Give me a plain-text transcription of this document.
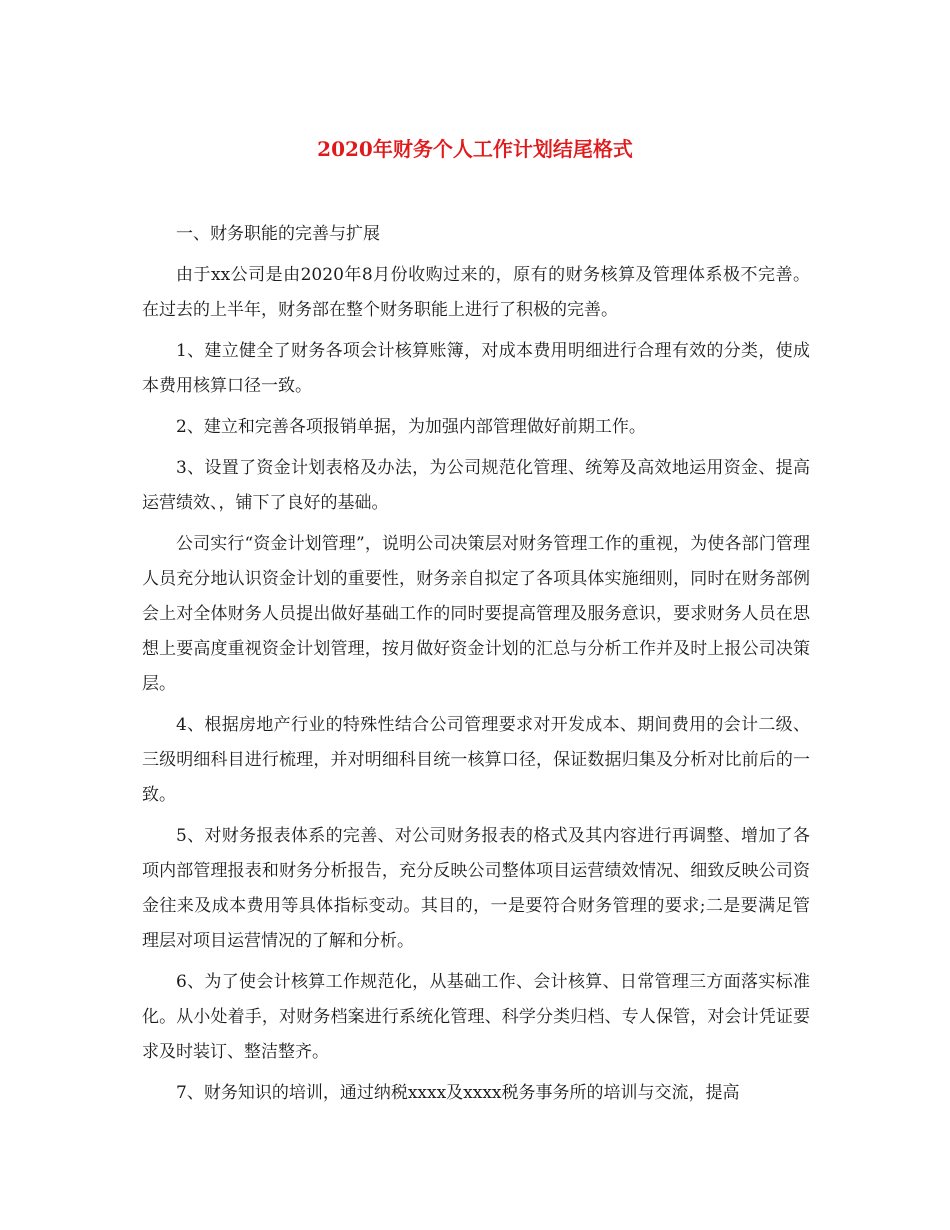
2020年财务个人工作计划结尾格式

一、财务职能的完善与扩展

由于xx公司是由2020年8月份收购过来的，原有的财务核算及管理体系极不完善。在过去的上半年，财务部在整个财务职能上进行了积极的完善。

1、建立健全了财务各项会计核算账簿，对成本费用明细进行合理有效的分类，使成本费用核算口径一致。

2、建立和完善各项报销单据，为加强内部管理做好前期工作。

3、设置了资金计划表格及办法，为公司规范化管理、统筹及高效地运用资金、提高运营绩效、，铺下了良好的基础。

公司实行“资金计划管理”，说明公司决策层对财务管理工作的重视，为使各部门管理人员充分地认识资金计划的重要性，财务亲自拟定了各项具体实施细则，同时在财务部例会上对全体财务人员提出做好基础工作的同时要提高管理及服务意识，要求财务人员在思想上要高度重视资金计划管理，按月做好资金计划的汇总与分析工作并及时上报公司决策层。

4、根据房地产行业的特殊性结合公司管理要求对开发成本、期间费用的会计二级、三级明细科目进行梳理，并对明细科目统一核算口径，保证数据归集及分析对比前后的一致。

5、对财务报表体系的完善、对公司财务报表的格式及其内容进行再调整、增加了各项内部管理报表和财务分析报告，充分反映公司整体项目运营绩效情况、细致反映公司资金往来及成本费用等具体指标变动。其目的，一是要符合财务管理的要求;二是要满足管理层对项目运营情况的了解和分析。

6、为了使会计核算工作规范化，从基础工作、会计核算、日常管理三方面落实标准化。从小处着手，对财务档案进行系统化管理、科学分类归档、专人保管，对会计凭证要求及时装订、整洁整齐。

7、财务知识的培训，通过纳税xxxx及xxxx税务事务所的培训与交流，提高
